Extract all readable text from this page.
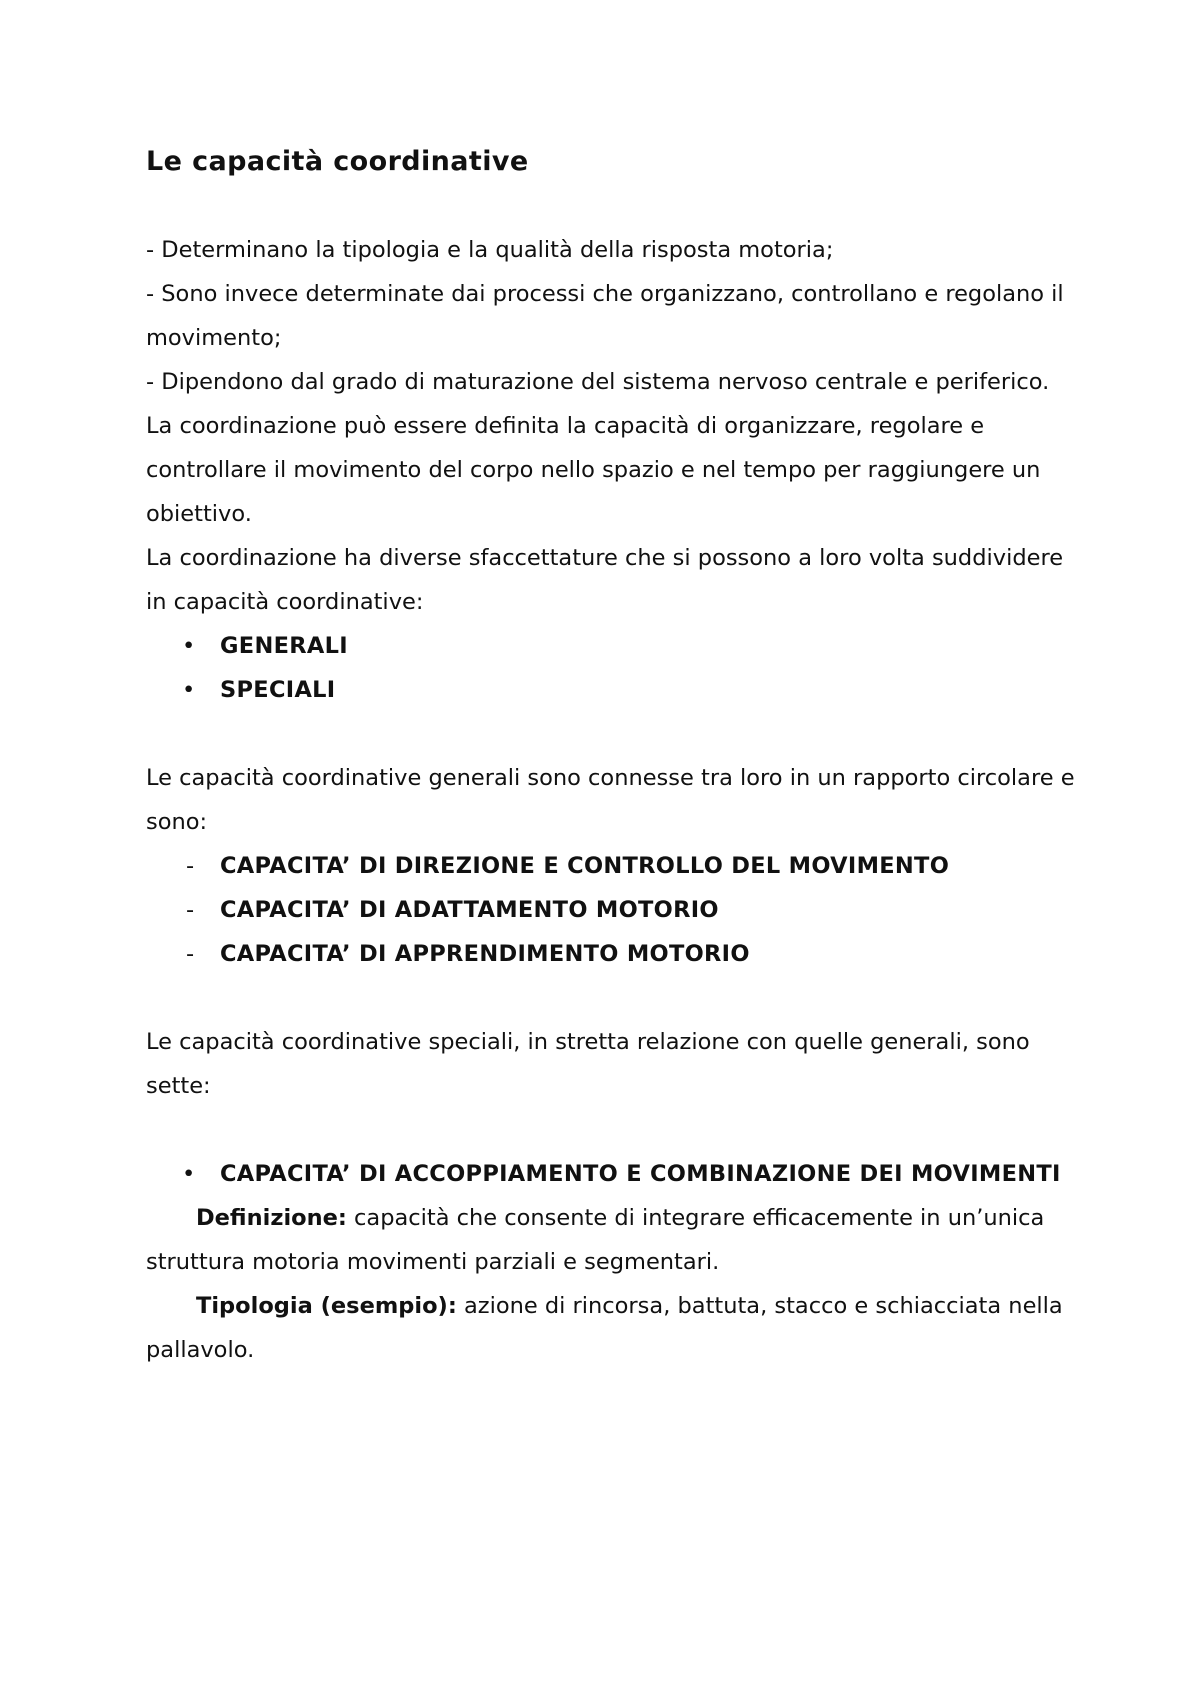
Le capacità coordinative

- Determinano la tipologia e la qualità della risposta motoria;

- Sono invece determinate dai processi che organizzano, controllano e regolano il movimento;

- Dipendono dal grado di maturazione del sistema nervoso centrale e periferico.

La coordinazione può essere definita la capacità di organizzare, regolare e controllare il movimento del corpo nello spazio e nel tempo per raggiungere un obiettivo.

La coordinazione ha diverse sfaccettature che si possono a loro volta suddividere in capacità coordinative:

• GENERALI
• SPECIALI

Le capacità coordinative generali sono connesse tra loro in un rapporto circolare e sono:

- CAPACITA’ DI DIREZIONE E CONTROLLO DEL MOVIMENTO
- CAPACITA’ DI ADATTAMENTO MOTORIO
- CAPACITA’ DI APPRENDIMENTO MOTORIO

Le capacità coordinative speciali, in stretta relazione con quelle generali, sono sette:

• CAPACITA’ DI ACCOPPIAMENTO E COMBINAZIONE DEI MOVIMENTI

Definizione: capacità che consente di integrare efficacemente in un’unica struttura motoria movimenti parziali e segmentari.

Tipologia (esempio): azione di rincorsa, battuta, stacco e schiacciata nella pallavolo.
